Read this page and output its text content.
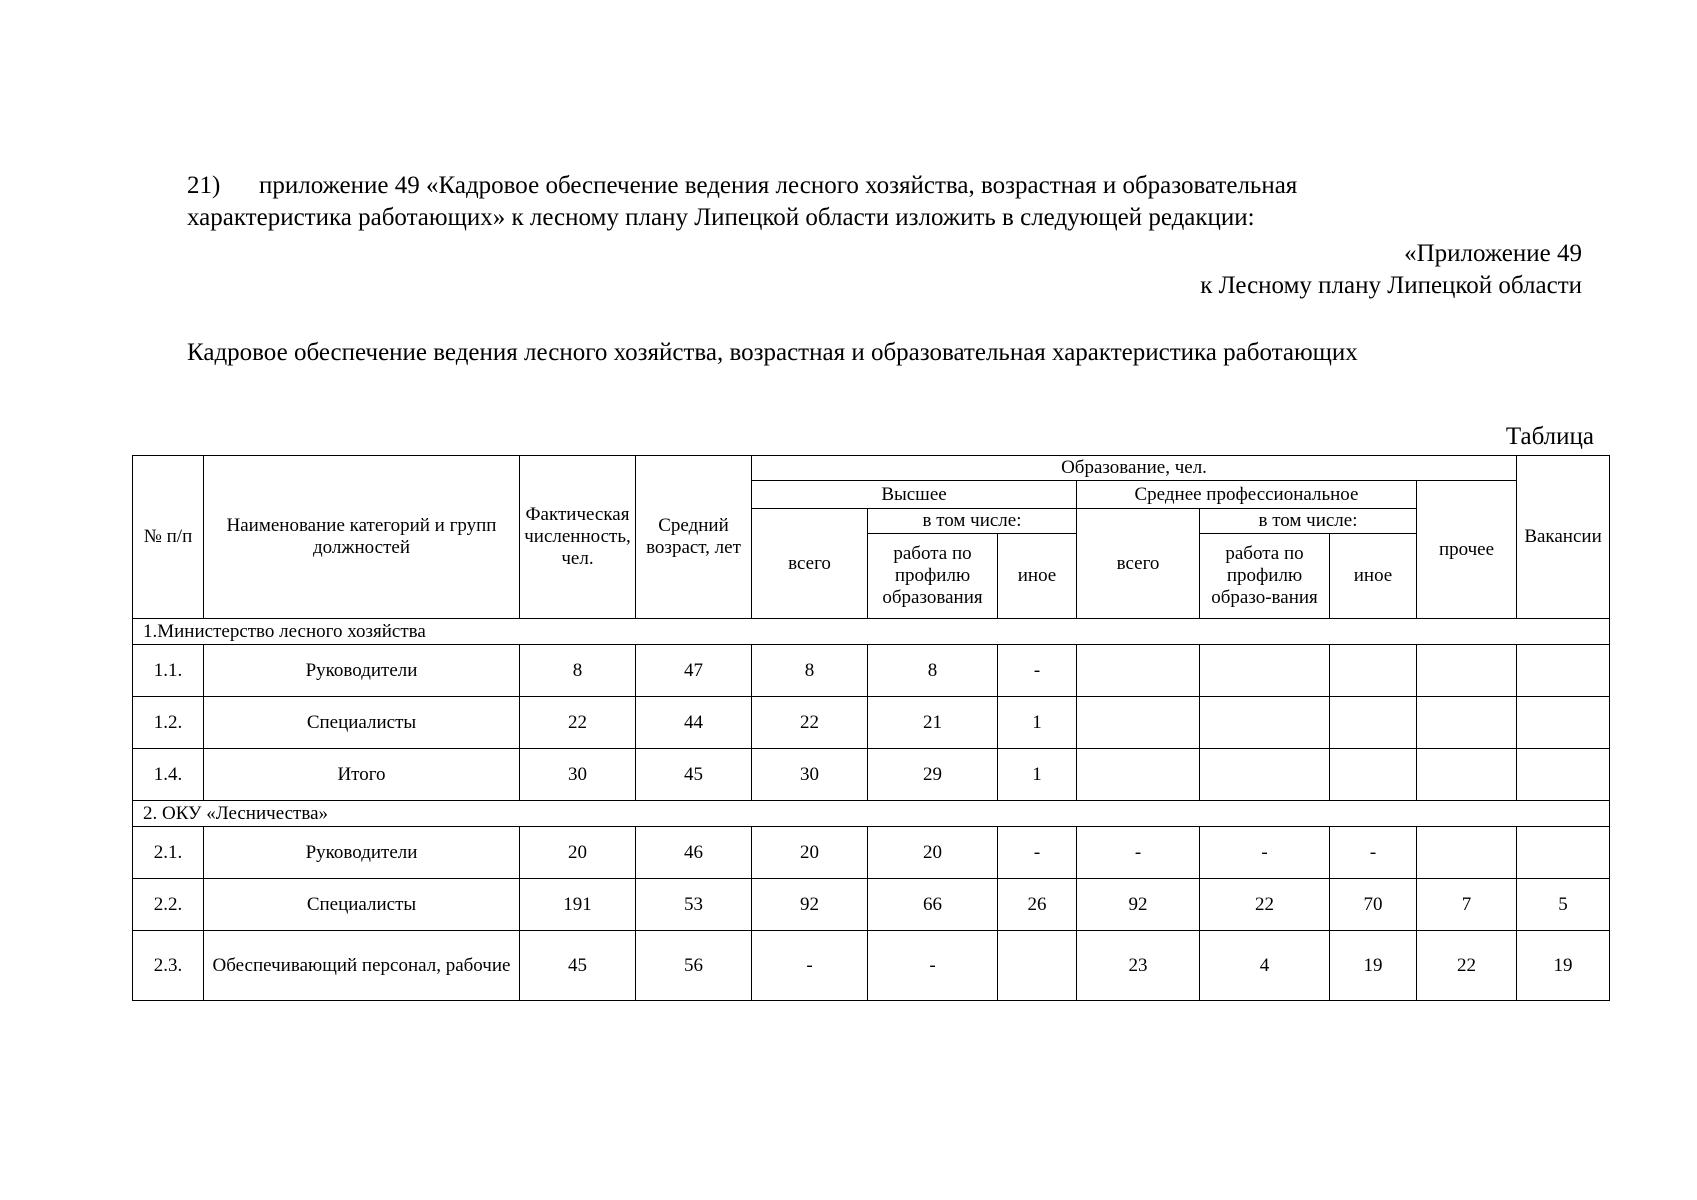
21) приложение 49 «Кадровое обеспечение ведения лесного хозяйства, возрастная и образовательная
характеристика работающих» к лесному плану Липецкой области изложить в следующей редакции:
«Приложение 49
к Лесному плану Липецкой области
Кадровое обеспечение ведения лесного хозяйства, возрастная и образовательная характеристика работающих
Таблица
№ п/п	Наименование категорий и групп должностей	Фактическая численность, чел.	Средний возраст, лет	Образование, чел.							Вакансии
				Высшее			Среднее профессиональное			прочее	
				всего	в том числе:		всего	в том числе:			
					работа по профилю образования	иное		работа по профилю образо-вания	иное		
1.Министерство лесного хозяйства											
1.1.	Руководители	8	47	8	8	-					
1.2.	Специалисты	22	44	22	21	1					
1.4.	Итого	30	45	30	29	1					
2. ОКУ «Лесничества»											
2.1.	Руководители	20	46	20	20	-	-	-	-		
2.2.	Специалисты	191	53	92	66	26	92	22	70	7	5
2.3.	Обеспечивающий персонал, рабочие	45	56	-	-		23	4	19	22	19
